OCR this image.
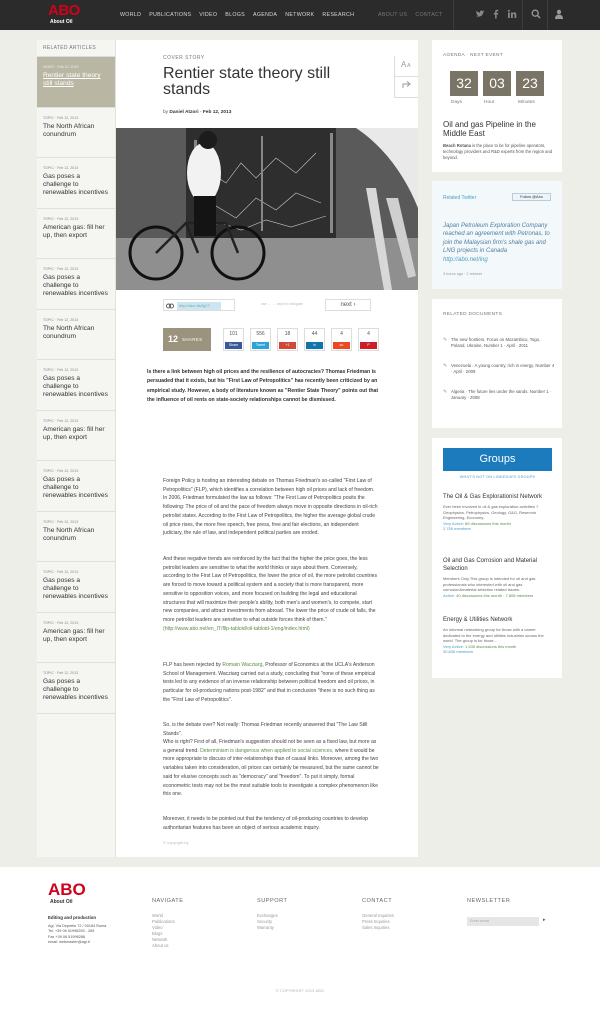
ABO
About Oil
WORLD PUBLICATIONS VIDEO BLOGS AGENDA NETWORK RESEARCH	ABOUT US CONTACT
RELATED ARTICLES
VIDEO · Feb 12, 2013
Rentier state theory still stands
TOPIC · Feb 12, 2013
The North African conundrum
TOPIC · Feb 12, 2013
Gas poses a challenge to renewables incentives
TOPIC · Feb 12, 2013
American gas: fill her up, then export
TOPIC · Feb 12, 2013
Gas poses a challenge to renewables incentives
TOPIC · Feb 12, 2013
The North African conundrum
TOPIC · Feb 12, 2013
Gas poses a challenge to renewables incentives
TOPIC · Feb 12, 2013
American gas: fill her up, then export
TOPIC · Feb 12, 2013
Gas poses a challenge to renewables incentives
TOPIC · Feb 12, 2013
The North African conundrum
TOPIC · Feb 12, 2013
Gas poses a challenge to renewables incentives
TOPIC · Feb 12, 2013
American gas: fill her up, then export
TOPIC · Feb 12, 2013
Gas poses a challenge to renewables incentives
COVER STORY
Rentier state theory still stands
by Daniel Atzori - Feb 12, 2013
A A
http://abo.its/fg27	use ← → keys to navigate	next ›
12 SHARES
101
Share
556
Tweet
18
+1
44
in
4
su
4
P
Is there a link between high oil prices and the resilience of autocracies? Thomas Friedman is persuaded that it exists, but his "First Law of Petropolitics" has recently been criticized by an empirical study. However, a body of literature known as "Rentier State Theory" points out that the influence of oil rents on state-society relationships cannot be dismissed.
Foreign Policy is hosting an interesting debate on Thomas Friedman's so-called "First Law of Petropolitics" (FLP), which identifies a correlation between high oil prices and lack of freedom. In 2006, Friedman formulated the law as follows: "The First Law of Petropolitics posits the following: The price of oil and the pace of freedom always move in opposite directions in oil-rich petrolist states. According to the First Law of Petropolitics, the higher the average global crude oil price rises, the more free speech, free press, free and fair elections, an independent judiciary, the rule of law, and independent political parties are eroded.
And these negative trends are reinforced by the fact that the higher the price goes, the less petrolist leaders are sensitive to what the world thinks or says about them. Conversely, according to the First Law of Petropolitics, the lower the price of oil, the more petrolist countries are forced to move toward a political system and a society that is more transparent, more sensitive to opposition voices, and more focused on building the legal and educational structures that will maximize their people's ability, both men's and women's, to compete, start new companies, and attract investments from abroad. The lower the price of crude oil falls, the more petrolist leaders are sensitive to what outside forces think of them."
(http://www.abo.net/en_IT/fllp-tabloid/oil-tabloid-1/eng/index.html)
FLP has been rejected by Romain Wacziarg, Professor of Economics at the UCLA's Anderson School of Management. Wacziarg carried out a study, concluding that "none of these empirical tests led to any evidence of an inverse relationship between political freedom and oil prices, in particular for oil-producing nations post-1982" and that in conclusion "there is no such thing as the "First Law of Petropolitics".
So, is the debate over? Not really: Thomas Friedman recently answered that "The Law Still Stands".
Who is right? First of all, Friedman's suggestion should not be seen as a fixed law, but more as a general trend. Determinism is dangerous when applied to social sciences, where it would be more appropriate to discuss of inter-relationships than of causal links. Moreover, among the two variables taken into consideration, oil prices can certainly be measured, but the same cannot be said for elusive concepts such as "democracy" and "freedom". To put it simply, formal econometric tests may not be the most suitable tools to investigate a complex phenomenon like this one.
Moreover, it needs to be pointed out that the tendency of oil-producing countries to develop authoritarian features has been an object of serious academic inquiry.
© copyright by
AGENDA · NEXT EVENT
32	03	23
Days	Hour	Minutes
Oil and gas Pipeline in the Middle East
Beach Rotana is the place to be for pipeline operators, technology providers and R&D experts from the region and beyond.
Related Twitter	Follow @Abo
Japan Petroleum Exploration Company reached an agreement with Petronas, to join the Malaysian firm's shale gas and LNG projects in Canada
http://abo.net/ing
3 hours ago · 2 retweet
RELATED DOCUMENTS
✎ The new frontiers. Focus on Mozambico, Togo, Poland, Ukraine. Number 1 · April · 2011
✎ Venezuela · A young country, rich in energy. Number 4 · April · 2009
✎ Algeria · The future lies under the sands. Number 1 · January · 2008
Groups
WHAT'S NOT ON LINKEDIN'S GROUPS
The Oil & Gas Explorationist Network
Ever been involved in oil & gas exploration activities ? Geophysics, Petrophysics, Geology, G&G, Reservoir Engineering, Economy..
Very Active: 89 discussions this month
2,755 members
Oil and Gas Corrosion and Material Selection
Members Only.This group is intended for oil and gas professionals who interested with oil and gas corrosion&material selection related issues.
Active: 40 discussions this month · 7,808 members
Energy & Utilities Network
An informal networking group for those with a career dedicated to the energy and utilities industries across the world. The group is for those...
Very Active: 1,535 discussions this month
30,836 members
ABO
About Oil
Editing and production
Agi, Via Depretis 72 / 00184 Roma
Tel. +39 06 51996259 - 265
Fax +39 06 51996286
email: webmaster@agi.it
NAVIGATE
World
Publications
Video
Blogs
Network
About us
SUPPORT
Exchanges
Security
Warranty
CONTACT
General Inquiries
Press Inquiries
Sales Inquiries
NEWSLETTER
Enter email	▸
© COPYRIGHT 2013 ABO
